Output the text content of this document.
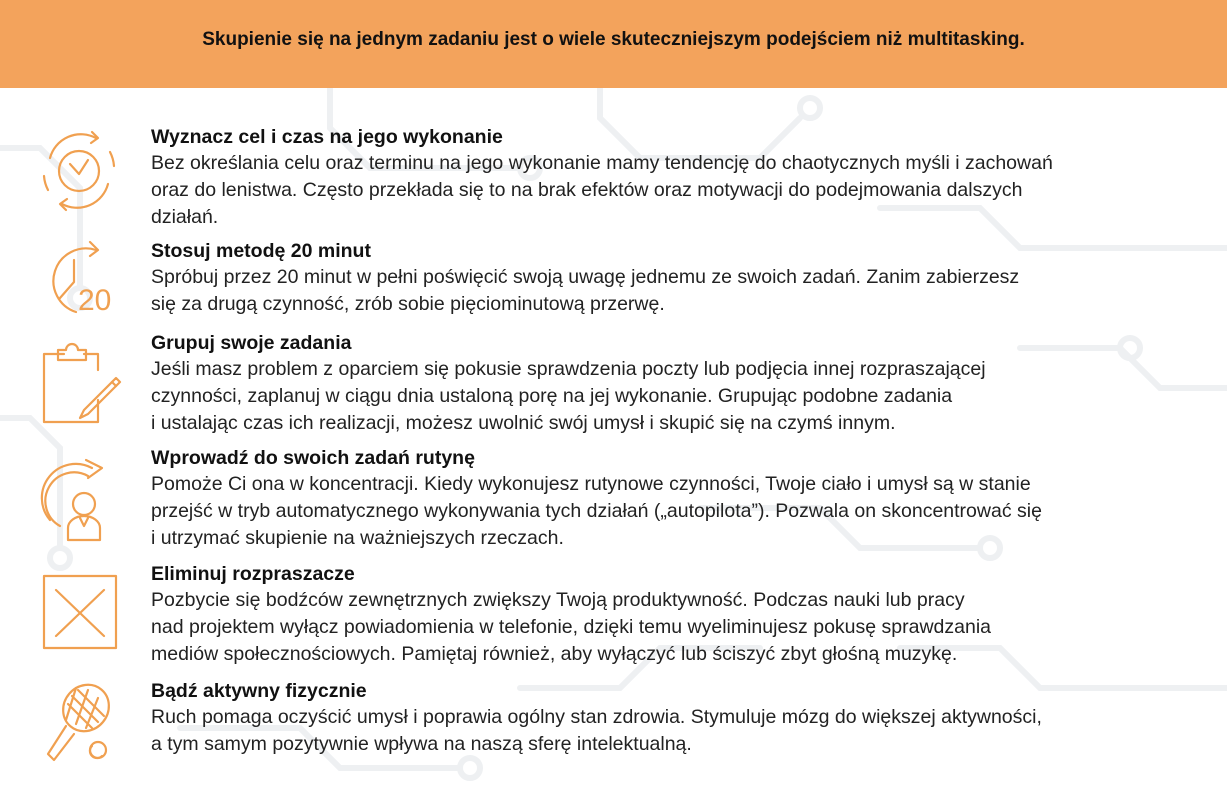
Skupienie się na jednym zadaniu jest o wiele skuteczniejszym podejściem niż multitasking.
Wyznacz cel i czas na jego wykonanie
Bez określania celu oraz terminu na jego wykonanie mamy tendencję do chaotycznych myśli i zachowań
oraz do lenistwa. Często przekłada się to na brak efektów oraz motywacji do podejmowania dalszych
działań.
20
Stosuj metodę 20 minut
Spróbuj przez 20 minut w pełni poświęcić swoją uwagę jednemu ze swoich zadań. Zanim zabierzesz
się za drugą czynność, zrób sobie pięciominutową przerwę.
Grupuj swoje zadania
Jeśli masz problem z oparciem się pokusie sprawdzenia poczty lub podjęcia innej rozpraszającej
czynności, zaplanuj w ciągu dnia ustaloną porę na jej wykonanie. Grupując podobne zadania
i ustalając czas ich realizacji, możesz uwolnić swój umysł i skupić się na czymś innym.
Wprowadź do swoich zadań rutynę
Pomoże Ci ona w koncentracji. Kiedy wykonujesz rutynowe czynności, Twoje ciało i umysł są w stanie
przejść w tryb automatycznego wykonywania tych działań („autopilota”). Pozwala on skoncentrować się
i utrzymać skupienie na ważniejszych rzeczach.
Eliminuj rozpraszacze
Pozbycie się bodźców zewnętrznych zwiększy Twoją produktywność. Podczas nauki lub pracy
nad projektem wyłącz powiadomienia w telefonie, dzięki temu wyeliminujesz pokusę sprawdzania
mediów społecznościowych. Pamiętaj również, aby wyłączyć lub ściszyć zbyt głośną muzykę.
Bądź aktywny fizycznie
Ruch pomaga oczyścić umysł i poprawia ogólny stan zdrowia. Stymuluje mózg do większej aktywności,
a tym samym pozytywnie wpływa na naszą sferę intelektualną.
